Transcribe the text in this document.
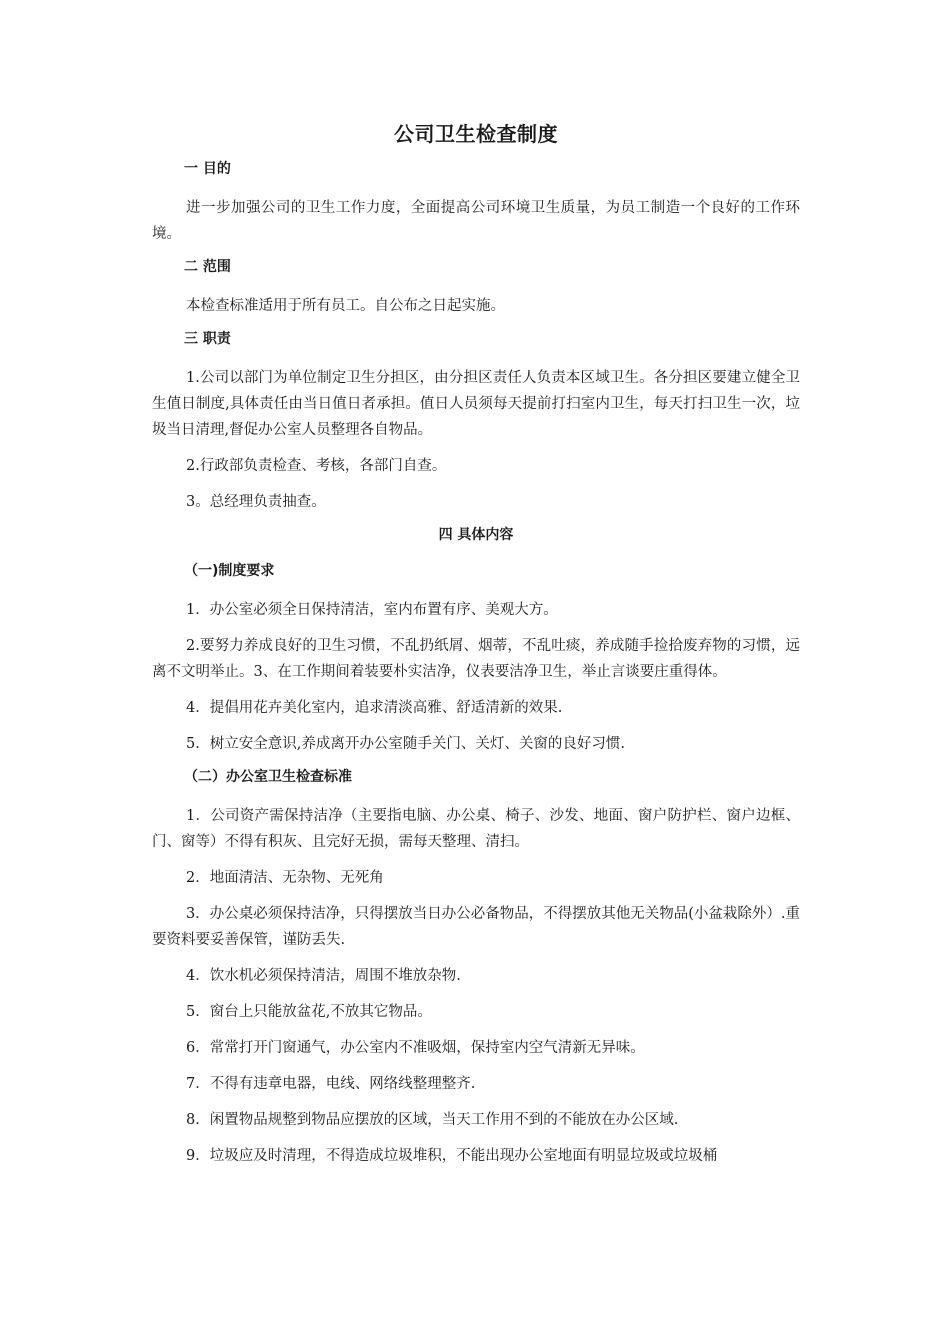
公司卫生检查制度
一 目的
进一步加强公司的卫生工作力度，全面提高公司环境卫生质量，为员工制造一个良好的工作环境。
二 范围
本检查标准适用于所有员工。自公布之日起实施。
三 职责
1.公司以部门为单位制定卫生分担区，由分担区责任人负责本区域卫生。各分担区要建立健全卫生值日制度,具体责任由当日值日者承担。值日人员须每天提前打扫室内卫生，每天打扫卫生一次，垃圾当日清理,督促办公室人员整理各自物品。
2.行政部负责检查、考核，各部门自查。
3。总经理负责抽查。
四 具体内容
（一)制度要求
1．办公室必须全日保持清洁，室内布置有序、美观大方。
2.要努力养成良好的卫生习惯，不乱扔纸屑、烟蒂，不乱吐痰，养成随手捡拾废弃物的习惯，远离不文明举止。3、在工作期间着装要朴实洁净，仪表要洁净卫生，举止言谈要庄重得体。
4．提倡用花卉美化室内，追求清淡高雅、舒适清新的效果.
5．树立安全意识,养成离开办公室随手关门、关灯、关窗的良好习惯.
（二）办公室卫生检查标准
1．公司资产需保持洁净（主要指电脑、办公桌、椅子、沙发、地面、窗户防护栏、窗户边框、门、窗等）不得有积灰、且完好无损，需每天整理、清扫。
2．地面清洁、无杂物、无死角
3．办公桌必须保持洁净，只得摆放当日办公必备物品，不得摆放其他无关物品(小盆栽除外）.重要资料要妥善保管，谨防丢失.
4．饮水机必须保持清洁，周围不堆放杂物.
5．窗台上只能放盆花,不放其它物品。
6．常常打开门窗通气，办公室内不准吸烟，保持室内空气清新无异味。
7．不得有违章电器，电线、网络线整理整齐.
8．闲置物品规整到物品应摆放的区域，当天工作用不到的不能放在办公区域.
9．垃圾应及时清理，不得造成垃圾堆积，不能出现办公室地面有明显垃圾或垃圾桶
